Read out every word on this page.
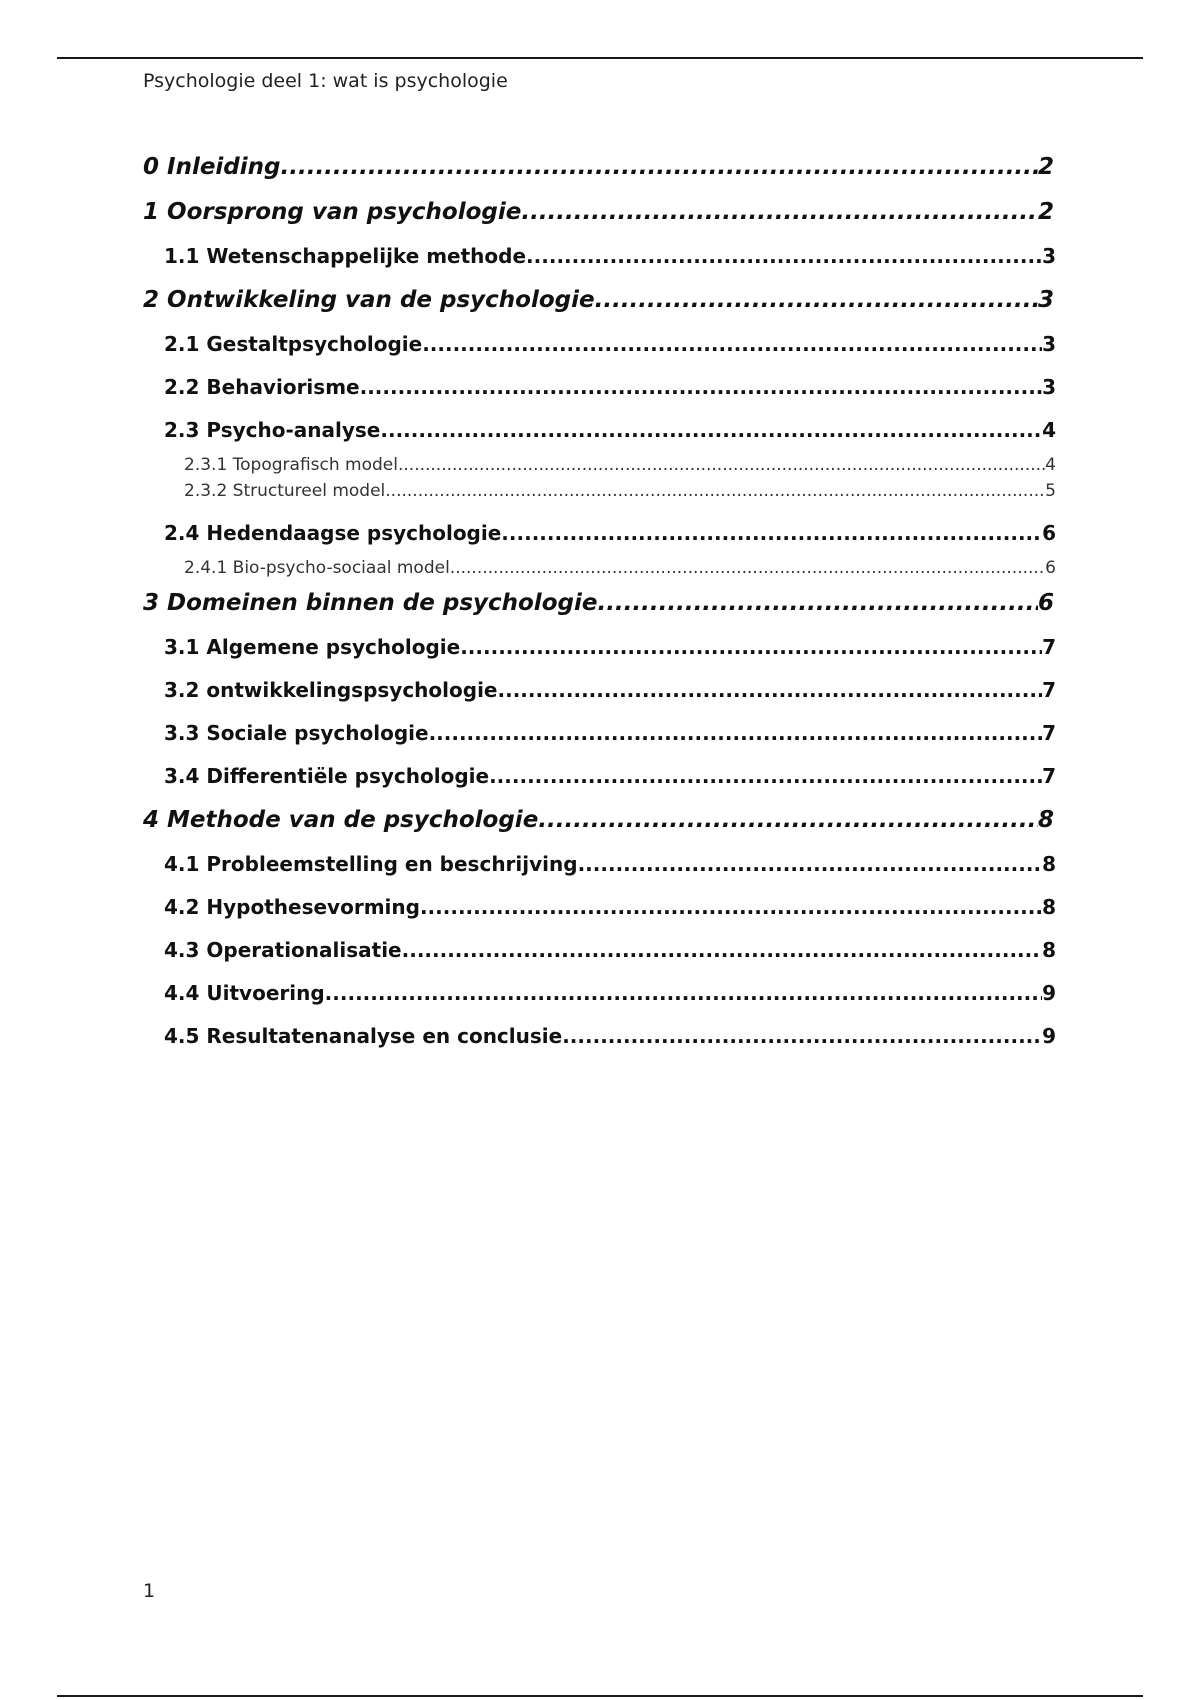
Psychologie deel 1: wat is psychologie
0 Inleiding .....	2
1 Oorsprong van psychologie .....	2
1.1 Wetenschappelijke methode .....	3
2 Ontwikkeling van de psychologie .....	3
2.1 Gestaltpsychologie .....	3
2.2 Behaviorisme .....	3
2.3 Psycho-analyse .....	4
2.3.1 Topografisch model .....	4
2.3.2 Structureel model .....	5
2.4 Hedendaagse psychologie .....	6
2.4.1 Bio-psycho-sociaal model .....	6
3 Domeinen binnen de psychologie .....	6
3.1 Algemene psychologie .....	7
3.2 ontwikkelingspsychologie .....	7
3.3 Sociale psychologie .....	7
3.4 Differentiële psychologie .....	7
4 Methode van de psychologie .....	8
4.1 Probleemstelling en beschrijving .....	8
4.2 Hypothesevorming .....	8
4.3 Operationalisatie .....	8
4.4 Uitvoering .....	9
4.5 Resultatenanalyse en conclusie .....	9
1
